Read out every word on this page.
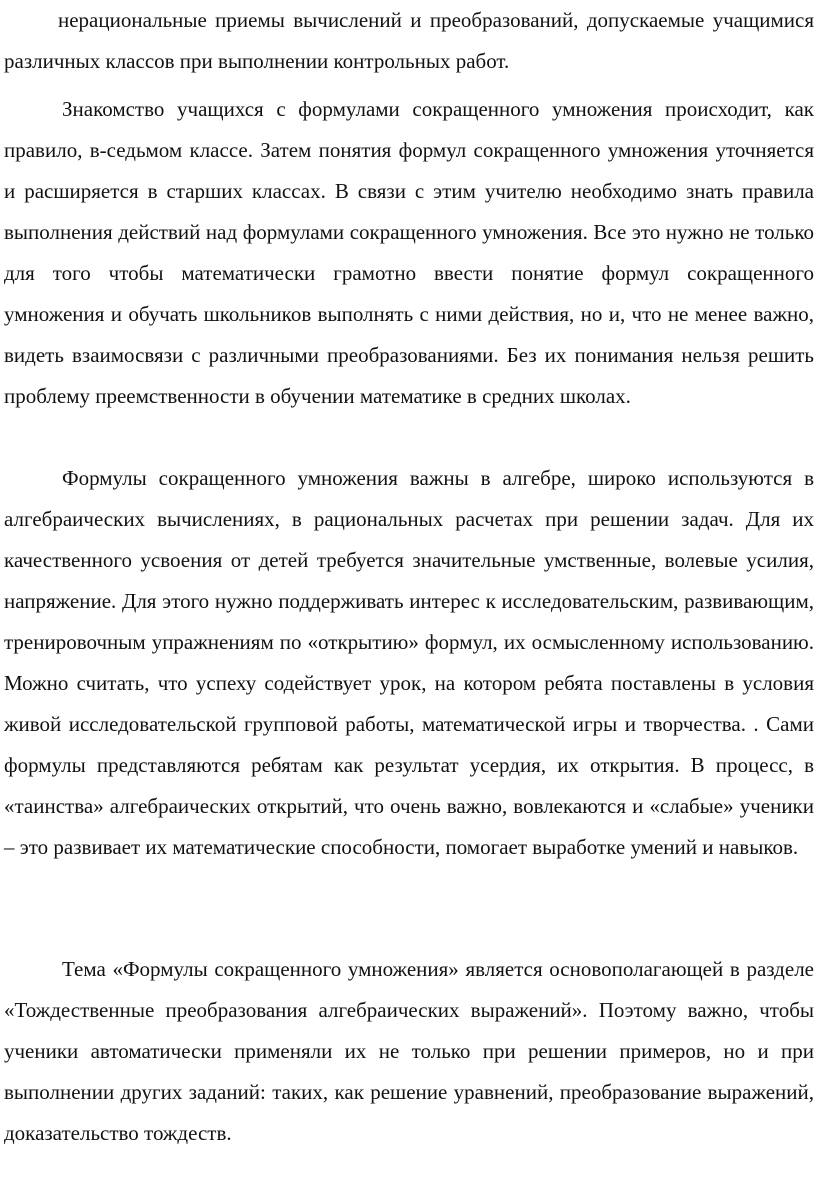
нерациональные приемы вычислений и преобразований, допускаемые учащимися различных классов при выполнении контрольных работ.

Знакомство учащихся с формулами сокращенного умножения происходит, как правило, в-седьмом классе. Затем понятия формул сокращенного умножения уточняется и расширяется в старших классах. В связи с этим учителю необходимо знать правила выполнения действий над формулами сокращенного умножения. Все это нужно не только для того чтобы математически грамотно ввести понятие формул сокращенного умножения и обучать школьников выполнять с ними действия, но и, что не менее важно, видеть взаимосвязи с различными преобразованиями. Без их понимания нельзя решить проблему преемственности в обучении математике в средних школах.

Формулы сокращенного умножения важны в алгебре, широко используются в алгебраических вычислениях, в рациональных расчетах при решении задач. Для их качественного усвоения от детей требуется значительные умственные, волевые усилия, напряжение. Для этого нужно поддерживать интерес к исследовательским, развивающим, тренировочным упражнениям по «открытию» формул, их осмысленному использованию. Можно считать, что успеху содействует урок, на котором ребята поставлены в условия живой исследовательской групповой работы, математической игры и творчества. . Сами формулы представляются ребятам как результат усердия, их открытия. В процесс, в «таинства» алгебраических открытий, что очень важно, вовлекаются и «слабые» ученики – это развивает их математические способности, помогает выработке умений и навыков.

Тема «Формулы сокращенного умножения» является основополагающей в разделе «Тождественные преобразования алгебраических выражений». Поэтому важно, чтобы ученики автоматически применяли их не только при решении примеров, но и при выполнении других заданий: таких, как решение уравнений, преобразование выражений, доказательство тождеств.
